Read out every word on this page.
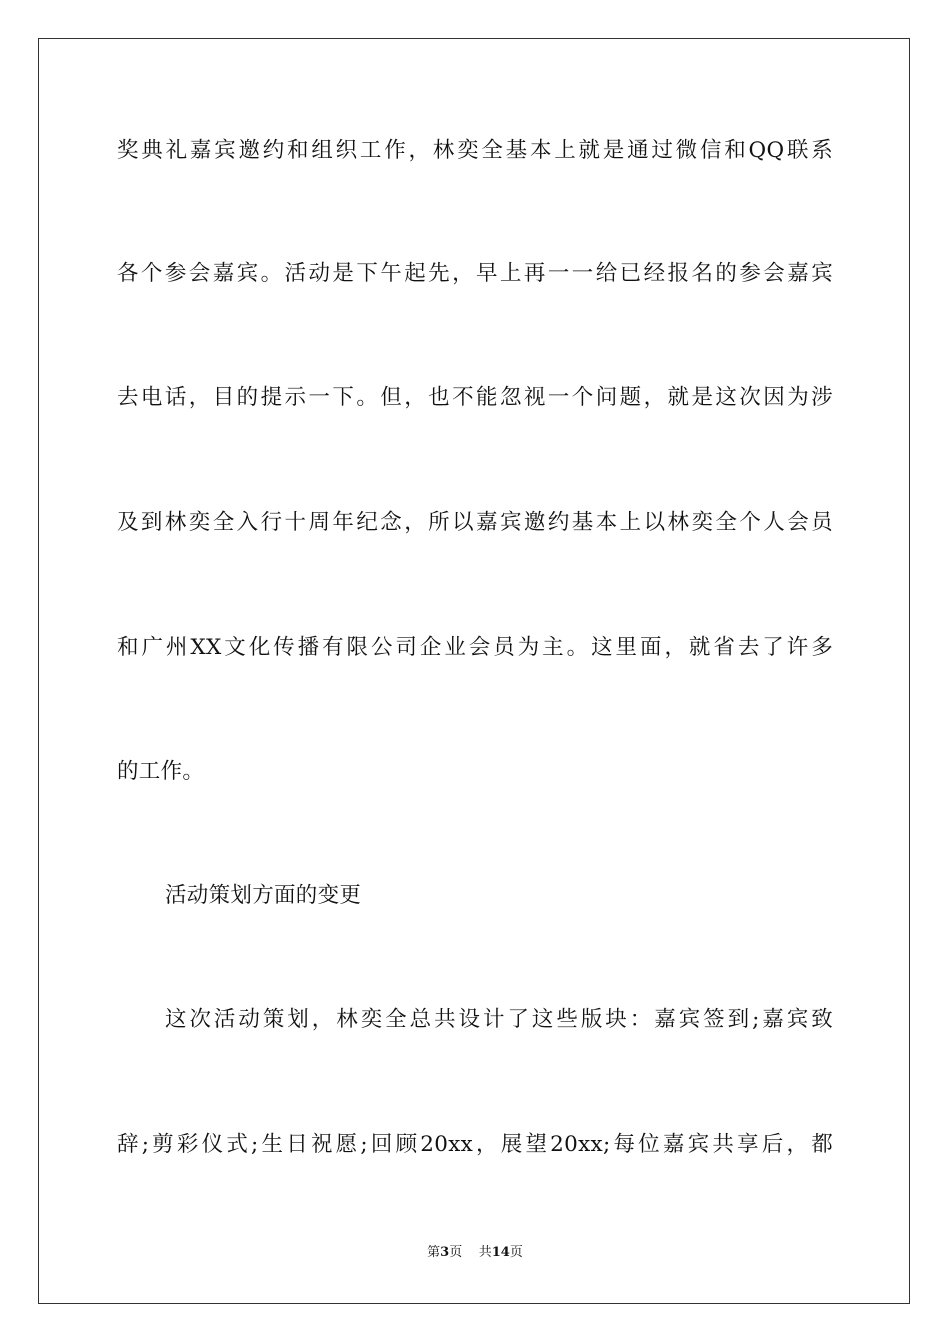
奖典礼嘉宾邀约和组织工作，林奕全基本上就是通过微信和QQ联系
各个参会嘉宾。活动是下午起先，早上再一一给已经报名的参会嘉宾
去电话，目的提示一下。但，也不能忽视一个问题，就是这次因为涉
及到林奕全入行十周年纪念，所以嘉宾邀约基本上以林奕全个人会员
和广州XX文化传播有限公司企业会员为主。这里面，就省去了许多
的工作。
活动策划方面的变更
这次活动策划，林奕全总共设计了这些版块：嘉宾签到;嘉宾致
辞;剪彩仪式;生日祝愿;回顾20xx，展望20xx;每位嘉宾共享后，都
第3页 共14页
